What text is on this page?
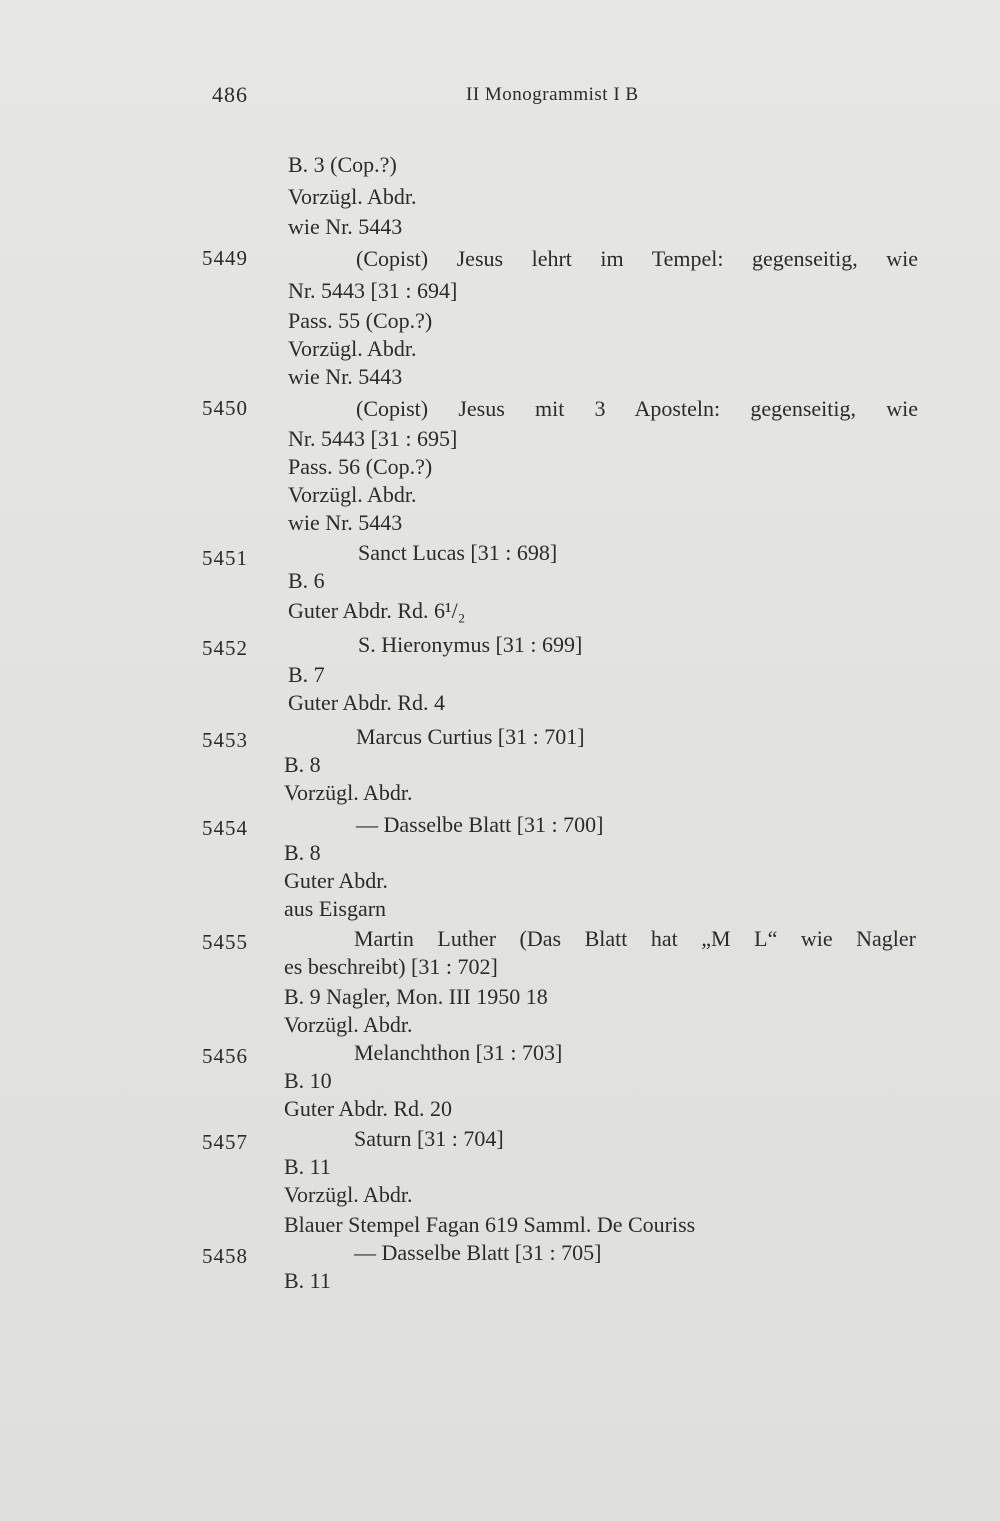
486	II Monogrammist I B
B. 3 (Cop.?)
Vorzügl. Abdr.
wie Nr. 5443
5449	(Copist) Jesus lehrt im Tempel: gegenseitig, wie
Nr. 5443 [31 : 694]
Pass. 55 (Cop.?)
Vorzügl. Abdr.
wie Nr. 5443
5450	(Copist) Jesus mit 3 Aposteln: gegenseitig, wie
Nr. 5443 [31 : 695]
Pass. 56 (Cop.?)
Vorzügl. Abdr.
wie Nr. 5443
5451	Sanct Lucas [31 : 698]
B. 6
Guter Abdr. Rd. 6¹/₂
5452	S. Hieronymus [31 : 699]
B. 7
Guter Abdr. Rd. 4
5453	Marcus Curtius [31 : 701]
B. 8
Vorzügl. Abdr.
5454	— Dasselbe Blatt [31 : 700]
B. 8
Guter Abdr.
aus Eisgarn
5455	Martin Luther (Das Blatt hat „M L“ wie Nagler
es beschreibt) [31 : 702]
B. 9 Nagler, Mon. III 1950 18
Vorzügl. Abdr.
5456	Melanchthon [31 : 703]
B. 10
Guter Abdr. Rd. 20
5457	Saturn [31 : 704]
B. 11
Vorzügl. Abdr.
Blauer Stempel Fagan 619 Samml. De Couriss
5458	— Dasselbe Blatt [31 : 705]
B. 11
